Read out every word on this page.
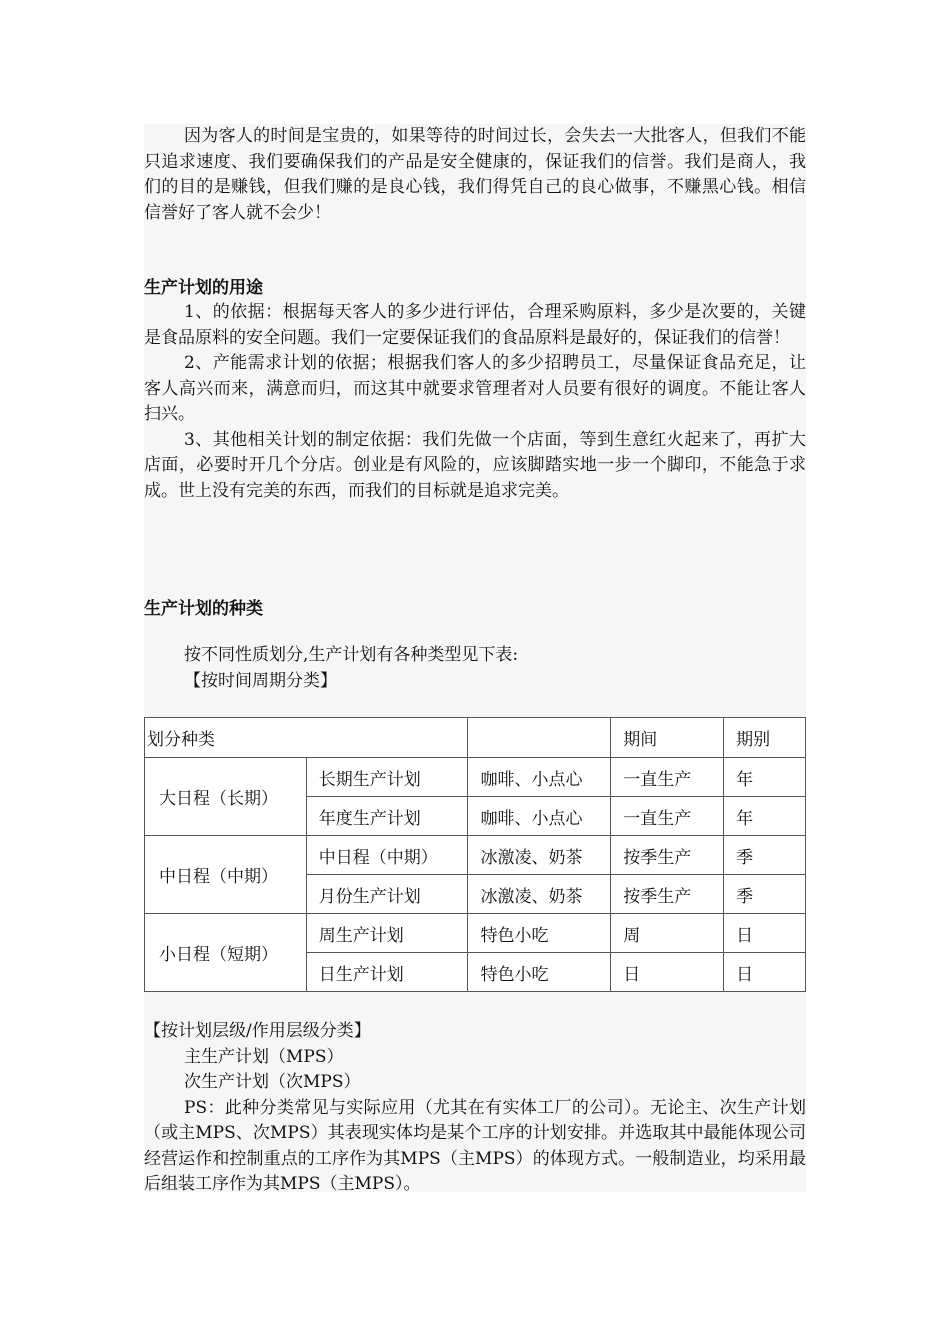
因为客人的时间是宝贵的，如果等待的时间过长，会失去一大批客人，但我们不能只追求速度、我们要确保我们的产品是安全健康的，保证我们的信誉。我们是商人，我们的目的是赚钱，但我们赚的是良心钱，我们得凭自己的良心做事，不赚黑心钱。相信信誉好了客人就不会少！

生产计划的用途

1、的依据：根据每天客人的多少进行评估，合理采购原料，多少是次要的，关键是食品原料的安全问题。我们一定要保证我们的食品原料是最好的，保证我们的信誉！

2、产能需求计划的依据；根据我们客人的多少招聘员工，尽量保证食品充足，让客人高兴而来，满意而归，而这其中就要求管理者对人员要有很好的调度。不能让客人扫兴。

3、其他相关计划的制定依据：我们先做一个店面，等到生意红火起来了，再扩大店面，必要时开几个分店。创业是有风险的，应该脚踏实地一步一个脚印，不能急于求成。世上没有完美的东西，而我们的目标就是追求完美。

生产计划的种类

按不同性质划分,生产计划有各种类型见下表:

【按时间周期分类】

划分种类			期间	期别
大日程（长期）	长期生产计划	咖啡、小点心	一直生产	年
	年度生产计划	咖啡、小点心	一直生产	年
中日程（中期）	中日程（中期）	冰激凌、奶茶	按季生产	季
	月份生产计划	冰激凌、奶茶	按季生产	季
小日程（短期）	周生产计划	特色小吃	周	日
	日生产计划	特色小吃	日	日

【按计划层级/作用层级分类】

主生产计划（MPS）

次生产计划（次MPS）

PS：此种分类常见与实际应用（尤其在有实体工厂的公司）。无论主、次生产计划（或主MPS、次MPS）其表现实体均是某个工序的计划安排。并选取其中最能体现公司经营运作和控制重点的工序作为其MPS（主MPS）的体现方式。一般制造业，均采用最后组装工序作为其MPS（主MPS）。
